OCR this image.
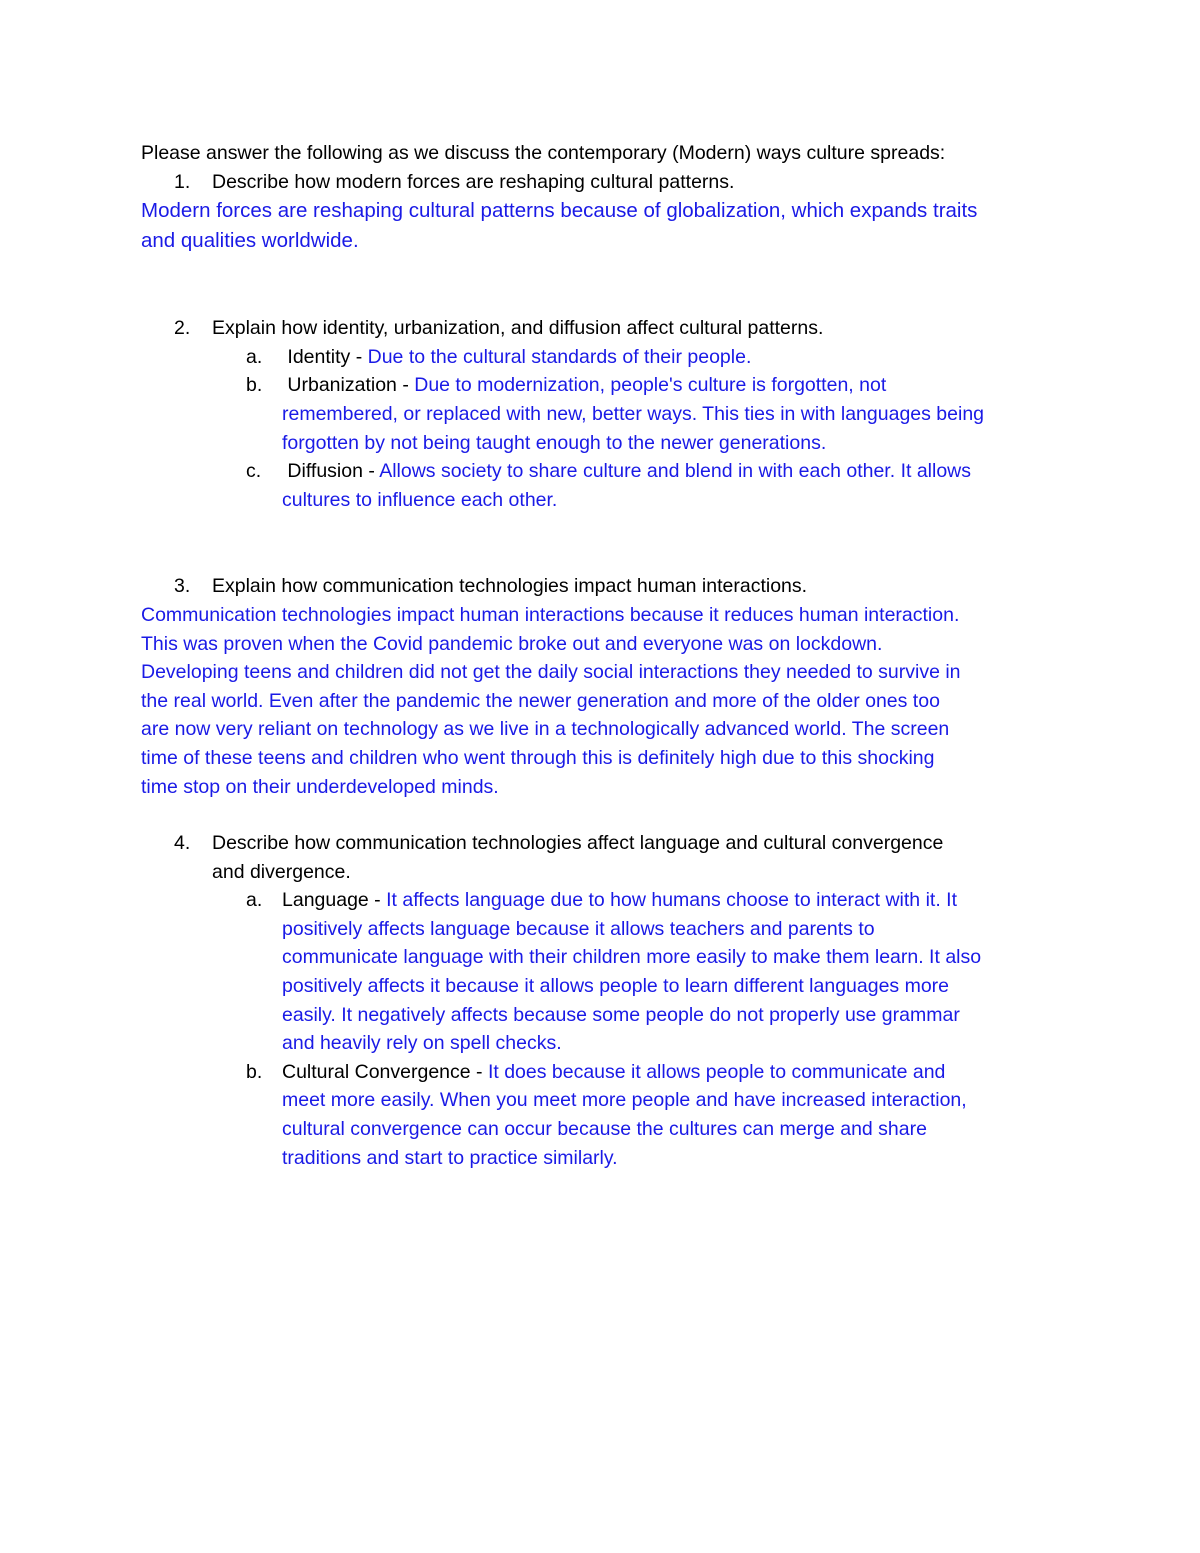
Please answer the following as we discuss the contemporary (Modern) ways culture spreads:
1. Describe how modern forces are reshaping cultural patterns.
Modern forces are reshaping cultural patterns because of globalization, which expands traits
and qualities worldwide.
2. Explain how identity, urbanization, and diffusion affect cultural patterns.
a. Identity - Due to the cultural standards of their people.
b. Urbanization - Due to modernization, people's culture is forgotten, not
remembered, or replaced with new, better ways. This ties in with languages being
forgotten by not being taught enough to the newer generations.
c. Diffusion - Allows society to share culture and blend in with each other. It allows
cultures to influence each other.
3. Explain how communication technologies impact human interactions.
Communication technologies impact human interactions because it reduces human interaction.
This was proven when the Covid pandemic broke out and everyone was on lockdown.
Developing teens and children did not get the daily social interactions they needed to survive in
the real world. Even after the pandemic the newer generation and more of the older ones too
are now very reliant on technology as we live in a technologically advanced world. The screen
time of these teens and children who went through this is definitely high due to this shocking
time stop on their underdeveloped minds.
4. Describe how communication technologies affect language and cultural convergence
and divergence.
a. Language - It affects language due to how humans choose to interact with it. It
positively affects language because it allows teachers and parents to
communicate language with their children more easily to make them learn. It also
positively affects it because it allows people to learn different languages more
easily. It negatively affects because some people do not properly use grammar
and heavily rely on spell checks.
b. Cultural Convergence - It does because it allows people to communicate and
meet more easily. When you meet more people and have increased interaction,
cultural convergence can occur because the cultures can merge and share
traditions and start to practice similarly.
